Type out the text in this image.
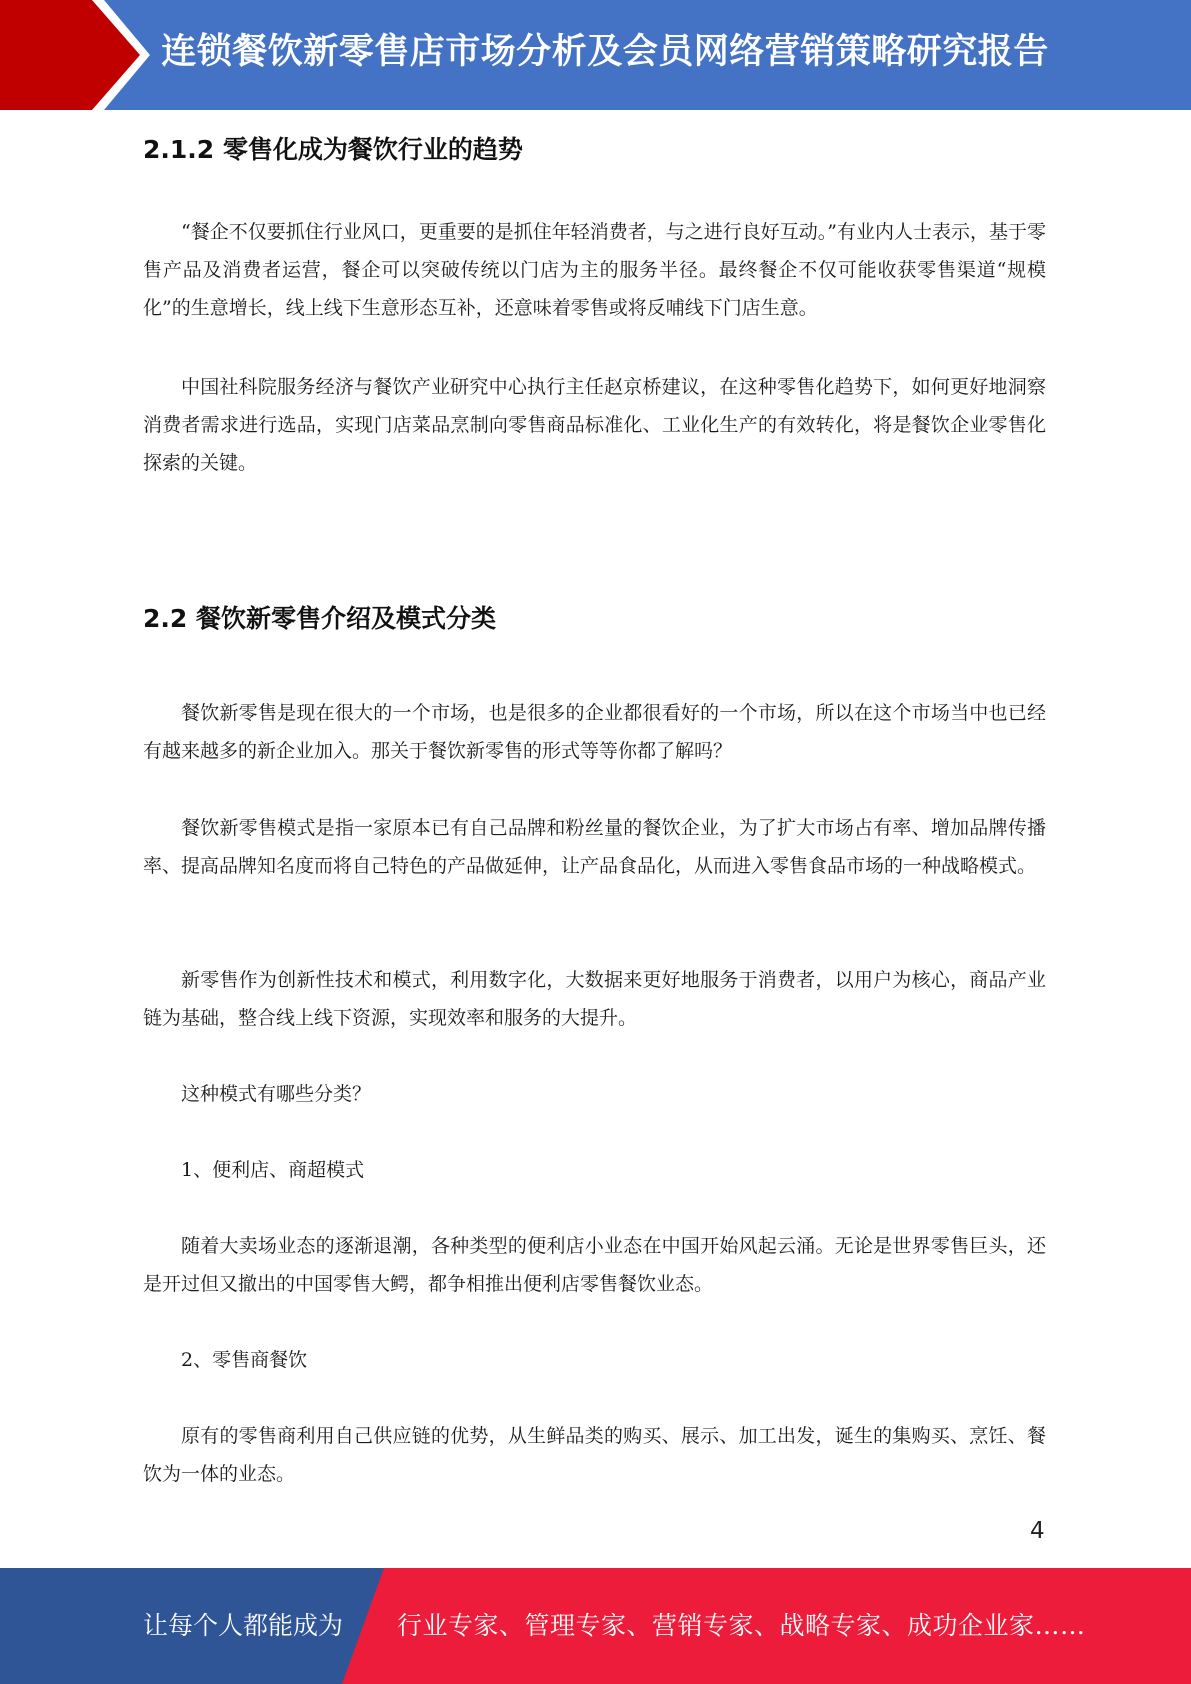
连锁餐饮新零售店市场分析及会员网络营销策略研究报告
2.1.2 零售化成为餐饮行业的趋势

“餐企不仅要抓住行业风口，更重要的是抓住年轻消费者，与之进行良好互动。”有业内人士表示，基于零售产品及消费者运营，餐企可以突破传统以门店为主的服务半径。最终餐企不仅可能收获零售渠道“规模化”的生意增长，线上线下生意形态互补，还意味着零售或将反哺线下门店生意。

中国社科院服务经济与餐饮产业研究中心执行主任赵京桥建议，在这种零售化趋势下，如何更好地洞察消费者需求进行选品，实现门店菜品烹制向零售商品标准化、工业化生产的有效转化，将是餐饮企业零售化探索的关键。

2.2 餐饮新零售介绍及模式分类

餐饮新零售是现在很大的一个市场，也是很多的企业都很看好的一个市场，所以在这个市场当中也已经有越来越多的新企业加入。那关于餐饮新零售的形式等等你都了解吗？

餐饮新零售模式是指一家原本已有自己品牌和粉丝量的餐饮企业，为了扩大市场占有率、增加品牌传播率、提高品牌知名度而将自己特色的产品做延伸，让产品食品化，从而进入零售食品市场的一种战略模式。

新零售作为创新性技术和模式，利用数字化，大数据来更好地服务于消费者，以用户为核心，商品产业链为基础，整合线上线下资源，实现效率和服务的大提升。

这种模式有哪些分类？

1、便利店、商超模式

随着大卖场业态的逐渐退潮，各种类型的便利店小业态在中国开始风起云涌。无论是世界零售巨头，还是开过但又撤出的中国零售大鳄，都争相推出便利店零售餐饮业态。

2、零售商餐饮

原有的零售商利用自己供应链的优势，从生鲜品类的购买、展示、加工出发，诞生的集购买、烹饪、餐饮为一体的业态。

4
让每个人都能成为 行业专家、管理专家、营销专家、战略专家、成功企业家……
